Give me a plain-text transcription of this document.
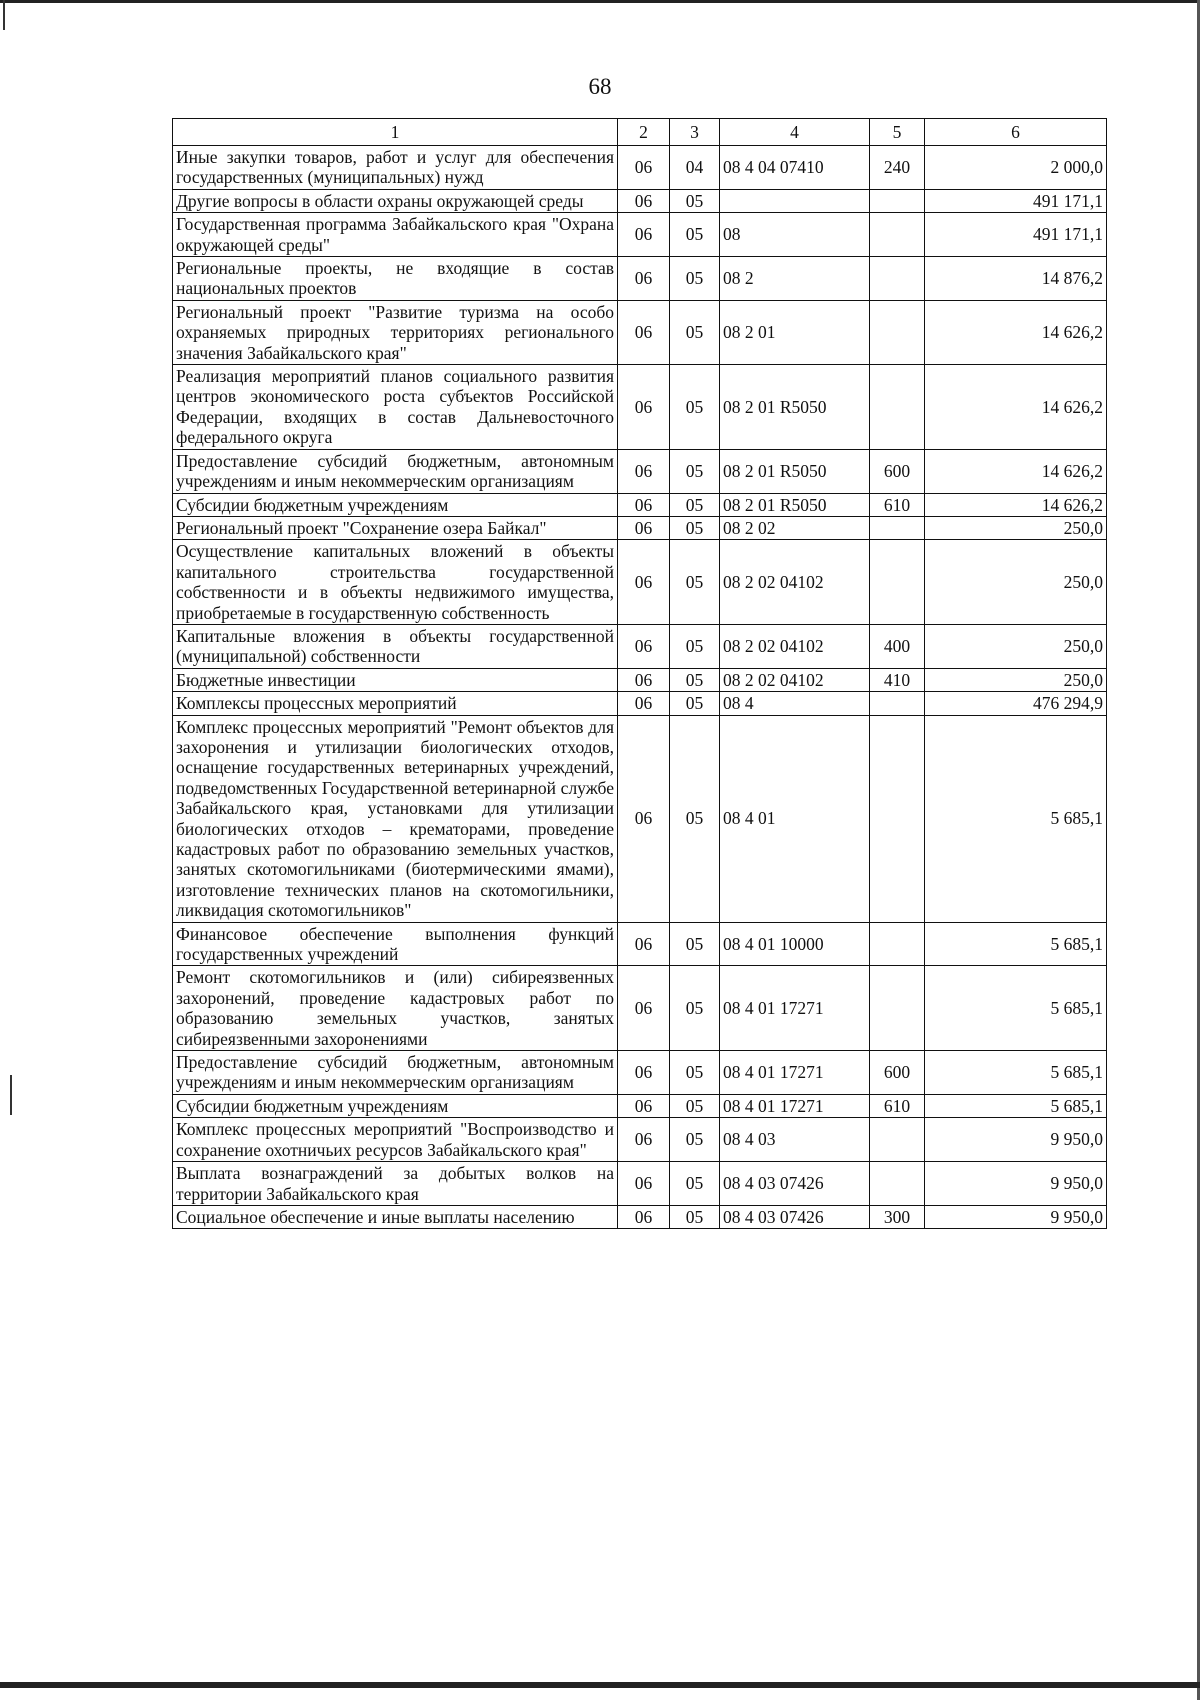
68
1	2	3	4	5	6
Иные закупки товаров, работ и услуг для обеспечения государственных (муниципальных) нужд	06	04	08 4 04 07410	240	2 000,0
Другие вопросы в области охраны окружающей среды	06	05			491 171,1
Государственная программа Забайкальского края "Охрана окружающей среды"	06	05	08		491 171,1
Региональные проекты, не входящие в состав национальных проектов	06	05	08 2		14 876,2
Региональный проект "Развитие туризма на особо охраняемых природных территориях регионального значения Забайкальского края"	06	05	08 2 01		14 626,2
Реализация мероприятий планов социального развития центров экономического роста субъектов Российской Федерации, входящих в состав Дальневосточного федерального округа	06	05	08 2 01 R5050		14 626,2
Предоставление субсидий бюджетным, автономным учреждениям и иным некоммерческим организациям	06	05	08 2 01 R5050	600	14 626,2
Субсидии бюджетным учреждениям	06	05	08 2 01 R5050	610	14 626,2
Региональный проект "Сохранение озера Байкал"	06	05	08 2 02		250,0
Осуществление капитальных вложений в объекты капитального строительства государственной собственности и в объекты недвижимого имущества, приобретаемые в государственную собственность	06	05	08 2 02 04102		250,0
Капитальные вложения в объекты государственной (муниципальной) собственности	06	05	08 2 02 04102	400	250,0
Бюджетные инвестиции	06	05	08 2 02 04102	410	250,0
Комплексы процессных мероприятий	06	05	08 4		476 294,9
Комплекс процессных мероприятий "Ремонт объектов для захоронения и утилизации биологических отходов, оснащение государственных ветеринарных учреждений, подведомственных Государственной ветеринарной службе Забайкальского края, установками для утилизации биологических отходов – крематорами, проведение кадастровых работ по образованию земельных участков, занятых скотомогильниками (биотермическими ямами), изготовление технических планов на скотомогильники, ликвидация скотомогильников"	06	05	08 4 01		5 685,1
Финансовое обеспечение выполнения функций государственных учреждений	06	05	08 4 01 10000		5 685,1
Ремонт скотомогильников и (или) сибиреязвенных захоронений, проведение кадастровых работ по образованию земельных участков, занятых сибиреязвенными захоронениями	06	05	08 4 01 17271		5 685,1
Предоставление субсидий бюджетным, автономным учреждениям и иным некоммерческим организациям	06	05	08 4 01 17271	600	5 685,1
Субсидии бюджетным учреждениям	06	05	08 4 01 17271	610	5 685,1
Комплекс процессных мероприятий "Воспроизводство и сохранение охотничьих ресурсов Забайкальского края"	06	05	08 4 03		9 950,0
Выплата вознаграждений за добытых волков на территории Забайкальского края	06	05	08 4 03 07426		9 950,0
Социальное обеспечение и иные выплаты населению	06	05	08 4 03 07426	300	9 950,0
